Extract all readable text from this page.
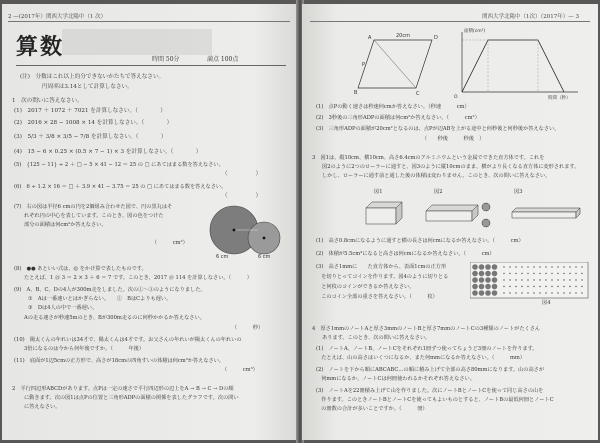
2 —(2017年）関西大学北陽中（1 次）
算数	時間 50分	満点 100点
(注)　分数はこれ以上約分できないかたちで答えなさい。
円周率は3.14として計算しなさい。
1　次の問いに答えなさい。
(1)　2017 ＋ 1072 ＋ 7021 を計算しなさい。（　　　　）
(2)　2016 × 28 − 1008 × 14 を計算しなさい。（　　　　）
(3)　5/3 ＋ 3/8 × 3/5 − 7/8 を計算しなさい。（　　　　）
(4)　15 − 6 × 0.25 × (0.5 × 7 − 1) × 3 を計算しなさい。（　　　　）
(5)　{125 − 11} ÷ 2 ＋ □ − 5 × 41 − 12 ＝ 25 の □ にあてはまる数を答えなさい。
（　　　　　）
(6)　6 ÷ 1.2 × 16 ＝ □ ＋ 3.9 × 41 − 3.75 ＝ 25 の □ にあてはまる数を答えなさい。
（　　　　　）
(7)　右の図は半径6 cmの円を2個組み合わせた図で、円の黒丸はそ
れぞれ円の中心を表しています。このとき、図の色をつけた
部分の面積は何cm²か答えなさい。
（　　　cm²）
6 cm	6 cm
(8)　●● あといい式は、◎ をかけ算で表したものです。
たとえば、1 ＠ 3 ＝ 2 × 3 ＋ 6 ＝ 7 です。このとき、2017 ＠ 114 を計算しなさい。（　　　）
(9)　A、B、C、Dの4人が300m走をしました。次の①〜③のようになりました。
①　Aは一番速いとはかぎらない。　　②　BはCよりも遅い。
③　Dは4人の中で一番遅い。
Aの走る速さが秒速5mのとき、Bが300m走るのに何秒かかるか答えなさい。
（　　　秒）
(10)　陽太くんの年れいは34才で、陽太くんは4才です。お父さんの年れいが陽太くんの年れいの
3倍になるのは今から何年後ですか。（　　　年後）
(11)　底面が1辺5cmの正方形で、高さが18cmの四角すいの体積は何cm³か答えなさい。
（　　　cm³）
2　平行四辺形ABCDがあります。点Pは一定の速さで平行四辺形の辺上をA → B → C → Dの順
に動きます。次の図1は点Pの位置と三角形ADPの面積の関係を表したグラフです。次の問い
に答えなさい。
関西大学北陽中（1次）（2017年）— 3
20cm
A	D
B	C
P
O
面積(cm²)
時間（秒）
(1)　点Pの動く速さは秒速何cmか答えなさい。（秒速　　　cm）
(2)　3秒後の三角形ADPの面積は何cm²か答えなさい。（　　　cm²）
(3)　三角形ADPの面積が20cm²となるのは、点Pが辺ABを上がる途中と何秒後と何秒後か答えなさい。
（　　秒後　　　秒後　）
3　図1は、縦10cm、横10cm、高さ6.4cmのアルミニウムという金属でできた直方体です。これを
図2のように2つのローラーに通すと、図3のように縦10cmのまま、横がより長くなる直方体に変形されます。
しかし、ローラーに通す前と通した後の体積は変わりません。このとき、次の問いに答えなさい。
図1	図2	図3
(1)　高さ0.8cmになるように通すと横の長さは何cmになるか答えなさい。（　　　cm）
(2)　体積が5.5cm³になると高さは何cmになるか答えなさい。（　　　cm）
(3)　高さ1mmに　　た直方体から、表面1cmの正方形
　を切りとってコインを作ります。図4のように切りとる
　と何枚のコインができるか答えなさい。
　このコイン全部の重さを答えなさい。（　　　枚）
図4
4　厚さ1mmのノートAと厚さ3mmのノートBと厚さ7mmのノートCの3種類のノートがたくさん
あります。このとき、次の問いに答えなさい。
(1)　ノートA、ノートB、ノートCをそれぞれ1冊ずつ使ってちょうど3冊のノートを作ります。
　たとえば、山の高さはいくつになるか、また何mmになるか答えなさい。（　　　mm）
(2)　ノートを下から順にABCABC…の順に積み上げて全部の高さ80mmになります。山の高さが
　何mmになるか、ノートCは何冊使われるかそれぞれ答えなさい。
(3)　ノートAを22冊積み上げて山を作りました。次にノートBとノートCを使って同じ高さの山を
　作ります。このときノートBとノートCを使ってもよいものとすると、ノートBの最低何冊とノートC
　の冊数の合計が多いことですか。（　　　冊）
